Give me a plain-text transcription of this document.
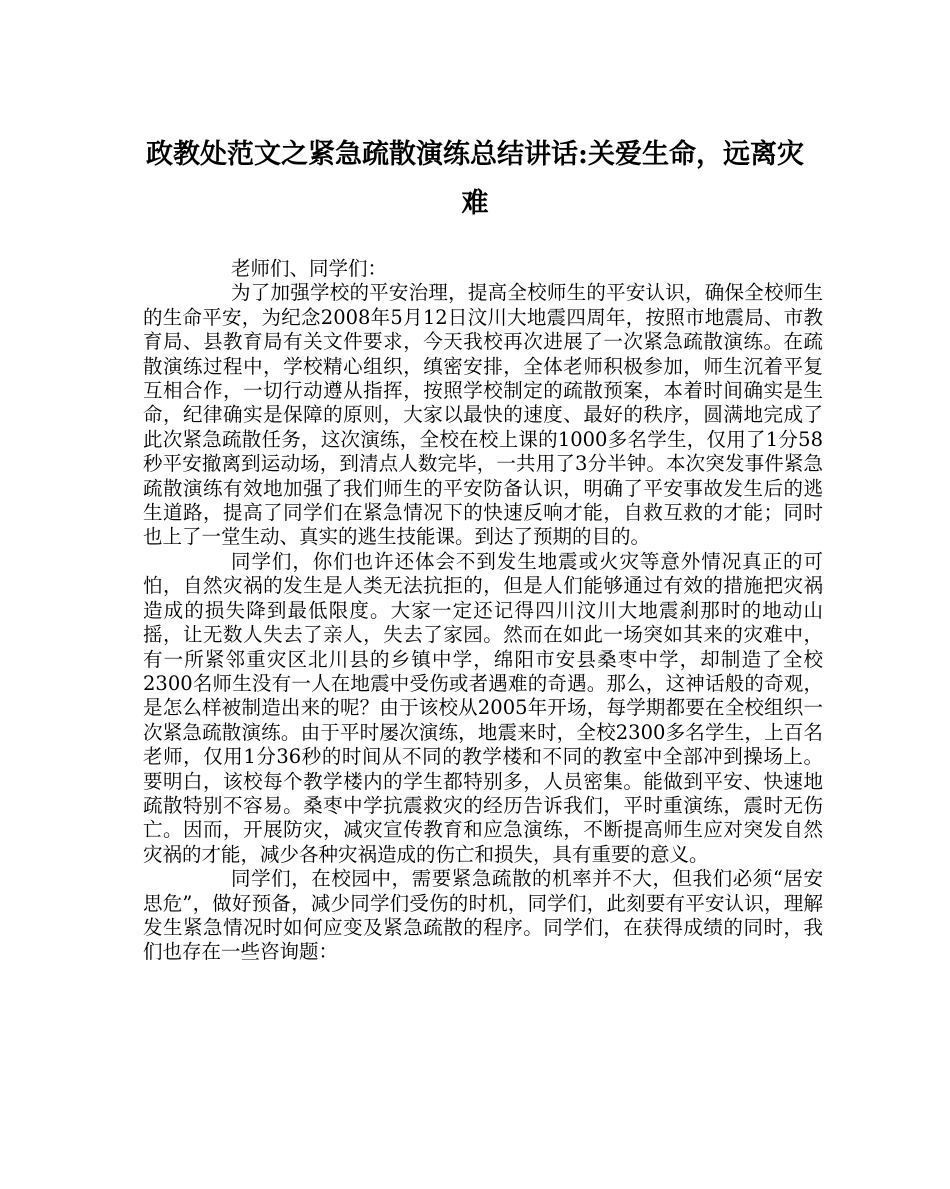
政教处范文之紧急疏散演练总结讲话:关爱生命，远离灾难

老师们、同学们：

为了加强学校的平安治理，提高全校师生的平安认识，确保全校师生的生命平安，为纪念2008年5月12日汶川大地震四周年，按照市地震局、市教育局、县教育局有关文件要求，今天我校再次进展了一次紧急疏散演练。在疏散演练过程中，学校精心组织，缜密安排，全体老师积极参加，师生沉着平复互相合作，一切行动遵从指挥，按照学校制定的疏散预案，本着时间确实是生命，纪律确实是保障的原则，大家以最快的速度、最好的秩序，圆满地完成了此次紧急疏散任务，这次演练，全校在校上课的1000多名学生，仅用了1分58秒平安撤离到运动场，到清点人数完毕，一共用了3分半钟。本次突发事件紧急疏散演练有效地加强了我们师生的平安防备认识，明确了平安事故发生后的逃生道路，提高了同学们在紧急情况下的快速反响才能，自救互救的才能；同时也上了一堂生动、真实的逃生技能课。到达了预期的目的。

同学们，你们也许还体会不到发生地震或火灾等意外情况真正的可怕，自然灾祸的发生是人类无法抗拒的，但是人们能够通过有效的措施把灾祸造成的损失降到最低限度。大家一定还记得四川汶川大地震刹那时的地动山摇，让无数人失去了亲人，失去了家园。然而在如此一场突如其来的灾难中，有一所紧邻重灾区北川县的乡镇中学，绵阳市安县桑枣中学，却制造了全校2300名师生没有一人在地震中受伤或者遇难的奇遇。那么，这神话般的奇观，是怎么样被制造出来的呢？由于该校从2005年开场，每学期都要在全校组织一次紧急疏散演练。由于平时屡次演练，地震来时，全校2300多名学生，上百名老师，仅用1分36秒的时间从不同的教学楼和不同的教室中全部冲到操场上。要明白，该校每个教学楼内的学生都特别多，人员密集。能做到平安、快速地疏散特别不容易。桑枣中学抗震救灾的经历告诉我们，平时重演练，震时无伤亡。因而，开展防灾，减灾宣传教育和应急演练，不断提高师生应对突发自然灾祸的才能，减少各种灾祸造成的伤亡和损失，具有重要的意义。

同学们，在校园中，需要紧急疏散的机率并不大，但我们必须“居安思危”，做好预备，减少同学们受伤的时机，同学们，此刻要有平安认识，理解发生紧急情况时如何应变及紧急疏散的程序。同学们，在获得成绩的同时，我们也存在一些咨询题：
